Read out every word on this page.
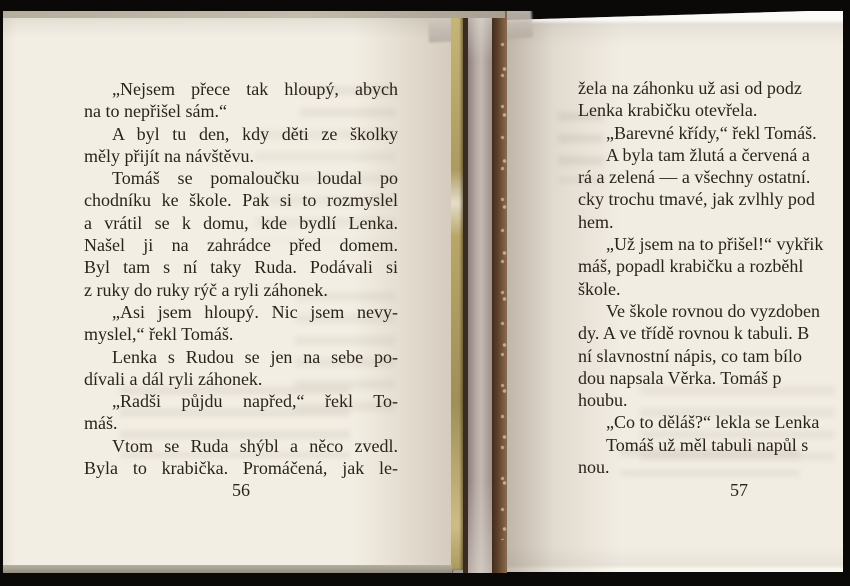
„Nejsem přece tak hloupý, abych
na to nepřišel sám.“
A byl tu den, kdy děti ze školky
měly přijít na návštěvu.
Tomáš se pomaloučku loudal po
chodníku ke škole. Pak si to rozmyslel
a vrátil se k domu, kde bydlí Lenka.
Našel ji na zahrádce před domem.
Byl tam s ní taky Ruda. Podávali si
z ruky do ruky rýč a ryli záhonek.
„Asi jsem hloupý. Nic jsem nevy-
myslel,“ řekl Tomáš.
Lenka s Rudou se jen na sebe po-
dívali a dál ryli záhonek.
„Radši půjdu napřed,“ řekl To-
máš.
Vtom se Ruda shýbl a něco zvedl.
Byla to krabička. Promáčená, jak le-
žela na záhonku už asi od podz
Lenka krabičku otevřela.
„Barevné křídy,“ řekl Tomáš.
A byla tam žlutá a červená a
rá a zelená — a všechny ostatní.
cky trochu tmavé, jak zvlhly pod
hem.
„Už jsem na to přišel!“ vykřik
máš, popadl krabičku a rozběhl
škole.
Ve škole rovnou do vyzdoben
dy. A ve třídě rovnou k tabuli. B
ní slavnostní nápis, co tam bílo
dou napsala Věrka. Tomáš p
houbu.
„Co to děláš?“ lekla se Lenka
Tomáš už měl tabuli napůl s
nou.
56	57
